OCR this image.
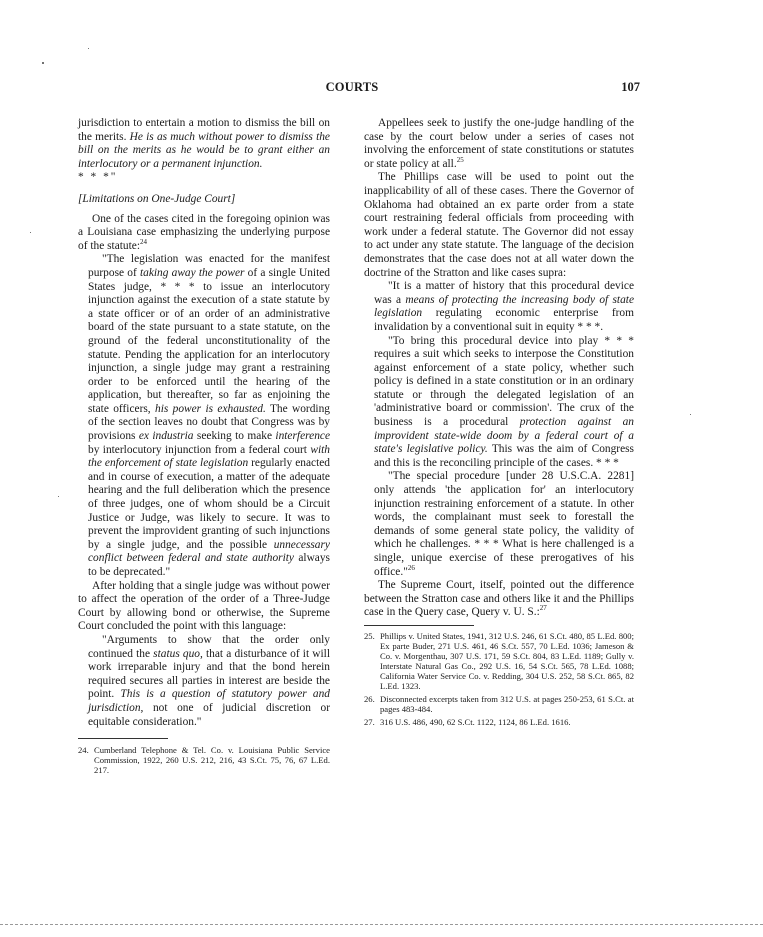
COURTS	107

jurisdiction to entertain a motion to dismiss the bill on the merits. He is as much without power to dismiss the bill on the merits as he would be to grant either an interlocutory or a permanent injunction.
* * *"

[Limitations on One-Judge Court]

One of the cases cited in the foregoing opinion was a Louisiana case emphasizing the underlying purpose of the statute:$^{24}$

"The legislation was enacted for the manifest purpose of taking away the power of a single United States judge, * * * to issue an interlocutory injunction against the execution of a state statute by a state officer or of an order of an administrative board of the state pursuant to a state statute, on the ground of the federal unconstitutionality of the statute. Pending the application for an interlocutory injunction, a single judge may grant a restraining order to be enforced until the hearing of the application, but thereafter, so far as enjoining the state officers, his power is exhausted. The wording of the section leaves no doubt that Congress was by provisions ex industria seeking to make interference by interlocutory injunction from a federal court with the enforcement of state legislation regularly enacted and in course of execution, a matter of the adequate hearing and the full deliberation which the presence of three judges, one of whom should be a Circuit Justice or Judge, was likely to secure. It was to prevent the improvident granting of such injunctions by a single judge, and the possible unnecessary conflict between federal and state authority always to be deprecated."

After holding that a single judge was without power to affect the operation of the order of a Three-Judge Court by allowing bond or otherwise, the Supreme Court concluded the point with this language:

"Arguments to show that the order only continued the status quo, that a disturbance of it will work irreparable injury and that the bond herein required secures all parties in interest are beside the point. This is a question of statutory power and jurisdiction, not one of judicial discretion or equitable consideration."

24. Cumberland Telephone & Tel. Co. v. Louisiana Public Service Commission, 1922, 260 U.S. 212, 216, 43 S.Ct. 75, 76, 67 L.Ed. 217.

Appellees seek to justify the one-judge handling of the case by the court below under a series of cases not involving the enforcement of state constitutions or statutes or state policy at all.$^{25}$

The Phillips case will be used to point out the inapplicability of all of these cases. There the Governor of Oklahoma had obtained an ex parte order from a state court restraining federal officials from proceeding with work under a federal statute. The Governor did not essay to act under any state statute. The language of the decision demonstrates that the case does not at all water down the doctrine of the Stratton and like cases supra:

"It is a matter of history that this procedural device was a means of protecting the increasing body of state legislation regulating economic enterprise from invalidation by a conventional suit in equity * * *.

"To bring this procedural device into play * * * requires a suit which seeks to interpose the Constitution against enforcement of a state policy, whether such policy is defined in a state constitution or in an ordinary statute or through the delegated legislation of an 'administrative board or commission'. The crux of the business is a procedural protection against an improvident state-wide doom by a federal court of a state's legislative policy. This was the aim of Congress and this is the reconciling principle of the cases. * * *

"The special procedure [under 28 U.S.C.A. 2281] only attends 'the application for' an interlocutory injunction restraining enforcement of a statute. In other words, the complainant must seek to forestall the demands of some general state policy, the validity of which he challenges. * * * What is here challenged is a single, unique exercise of these prerogatives of his office."$^{26}$

The Supreme Court, itself, pointed out the difference between the Stratton case and others like it and the Phillips case in the Query case, Query v. U. S.:$^{27}$

25. Phillips v. United States, 1941, 312 U.S. 246, 61 S.Ct. 480, 85 L.Ed. 800; Ex parte Buder, 271 U.S. 461, 46 S.Ct. 557, 70 L.Ed. 1036; Jameson & Co. v. Morgenthau, 307 U.S. 171, 59 S.Ct. 804, 83 L.Ed. 1189; Gully v. Interstate Natural Gas Co., 292 U.S. 16, 54 S.Ct. 565, 78 L.Ed. 1088; California Water Service Co. v. Redding, 304 U.S. 252, 58 S.Ct. 865, 82 L.Ed. 1323.
26. Disconnected excerpts taken from 312 U.S. at pages 250-253, 61 S.Ct. at pages 483-484.
27. 316 U.S. 486, 490, 62 S.Ct. 1122, 1124, 86 L.Ed. 1616.
